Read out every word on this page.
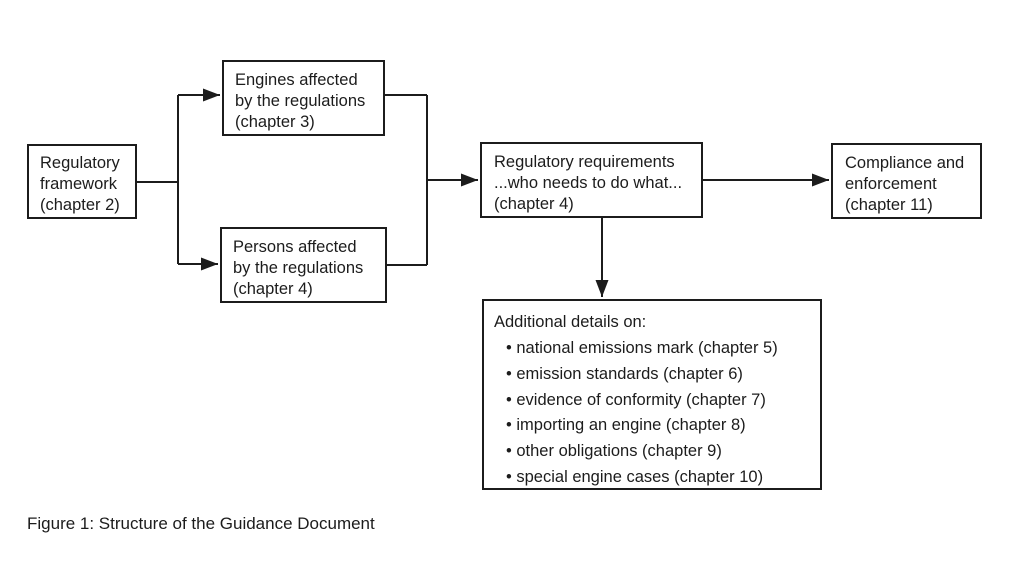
Regulatory
framework
(chapter 2)
Engines affected
by the regulations
(chapter 3)
Persons affected
by the regulations
(chapter 4)
Regulatory requirements
...who needs to do what...
(chapter 4)
Compliance and
enforcement
(chapter 11)
Additional details on:
• national emissions mark (chapter 5)
• emission standards (chapter 6)
• evidence of conformity (chapter 7)
• importing an engine (chapter 8)
• other obligations (chapter 9)
• special engine cases (chapter 10)
Figure 1: Structure of the Guidance Document
